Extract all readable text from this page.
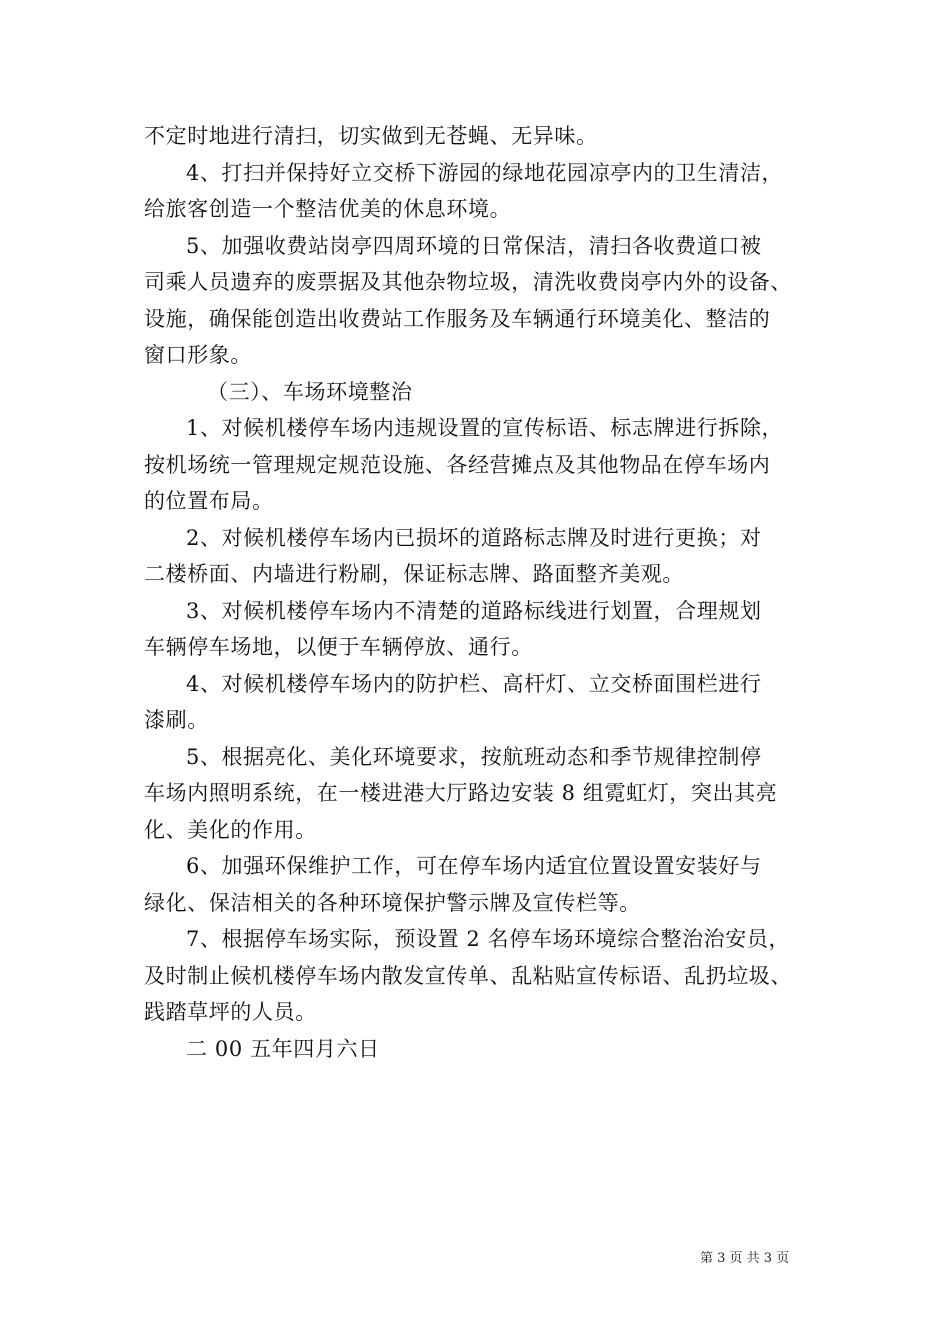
不定时地进行清扫，切实做到无苍蝇、无异味。
4、打扫并保持好立交桥下游园的绿地花园凉亭内的卫生清洁，
给旅客创造一个整洁优美的休息环境。
5、加强收费站岗亭四周环境的日常保洁，清扫各收费道口被
司乘人员遗弃的废票据及其他杂物垃圾，清洗收费岗亭内外的设备、
设施，确保能创造出收费站工作服务及车辆通行环境美化、整洁的
窗口形象。
（三）、车场环境整治
1、对候机楼停车场内违规设置的宣传标语、标志牌进行拆除，
按机场统一管理规定规范设施、各经营摊点及其他物品在停车场内
的位置布局。
2、对候机楼停车场内已损坏的道路标志牌及时进行更换；对
二楼桥面、内墙进行粉刷，保证标志牌、路面整齐美观。
3、对候机楼停车场内不清楚的道路标线进行划置，合理规划
车辆停车场地，以便于车辆停放、通行。
4、对候机楼停车场内的防护栏、高杆灯、立交桥面围栏进行
漆刷。
5、根据亮化、美化环境要求，按航班动态和季节规律控制停
车场内照明系统，在一楼进港大厅路边安装 8 组霓虹灯，突出其亮
化、美化的作用。
6、加强环保维护工作，可在停车场内适宜位置设置安装好与
绿化、保洁相关的各种环境保护警示牌及宣传栏等。
7、根据停车场实际，预设置 2 名停车场环境综合整治治安员，
及时制止候机楼停车场内散发宣传单、乱粘贴宣传标语、乱扔垃圾、
践踏草坪的人员。
二 00 五年四月六日
第 3 页 共 3 页
